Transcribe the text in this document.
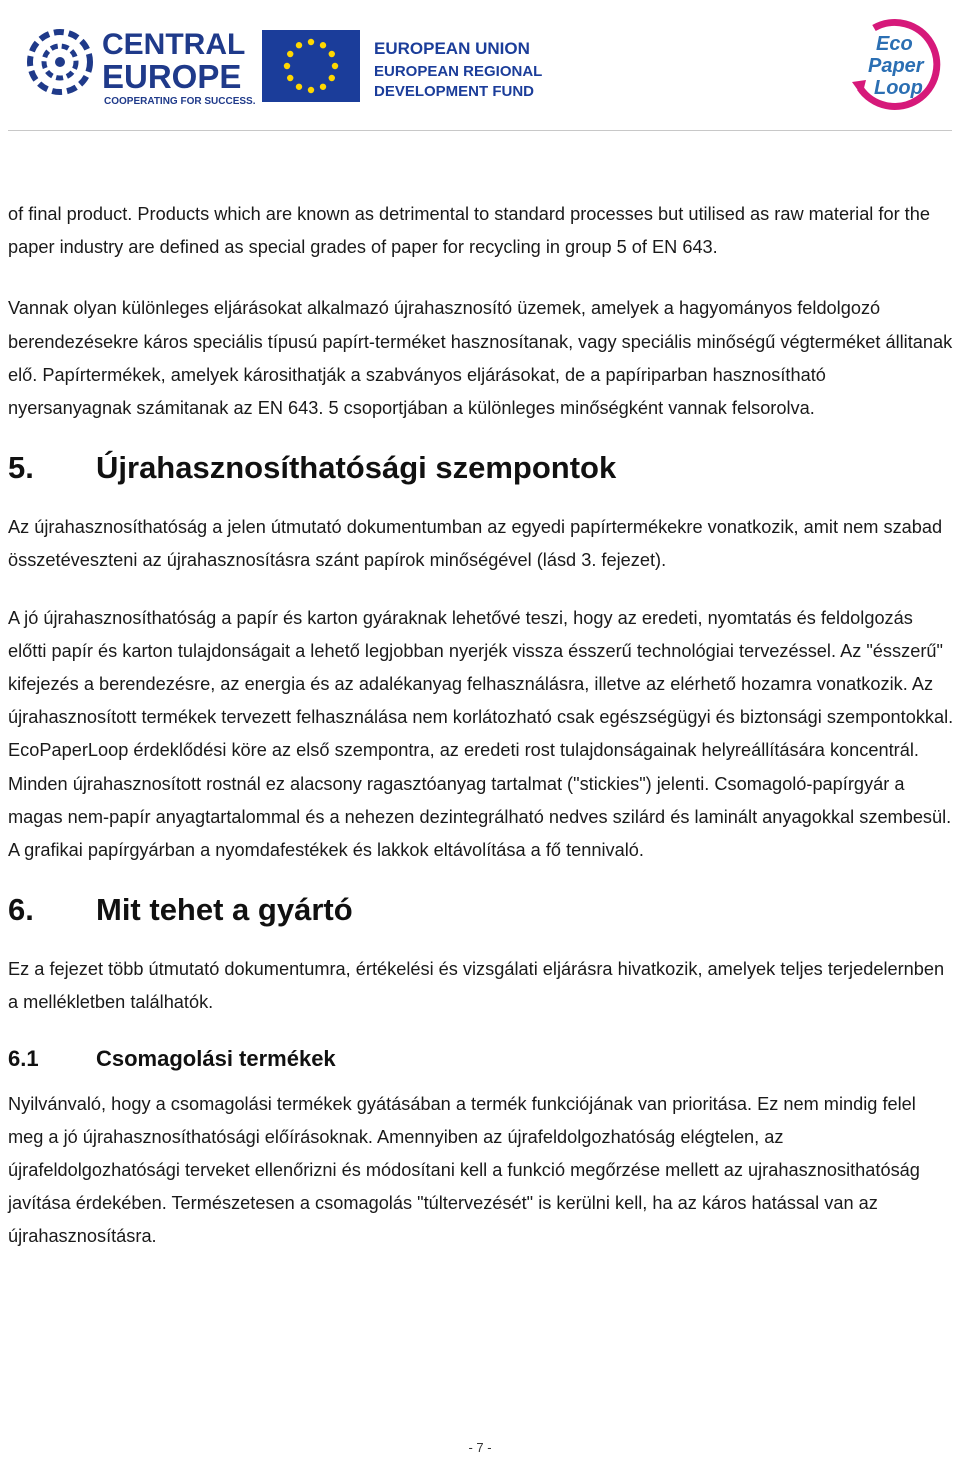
CENTRAL
EUROPE
COOPERATING FOR SUCCESS.
EUROPEAN UNION
EUROPEAN REGIONAL
DEVELOPMENT FUND
Eco
Paper
Loop

of final product. Products which are known as detrimental to standard processes but utilised as raw material for the paper industry are defined as special grades of paper for recycling in group 5 of EN 643.

Vannak olyan különleges eljárásokat alkalmazó újrahasznosító üzemek, amelyek a hagyományos feldolgozó berendezésekre káros speciális típusú papírt-terméket hasznosítanak, vagy speciális minőségű végterméket állitanak elő. Papírtermékek, amelyek károsithatják a szabványos eljárásokat, de a papíriparban hasznosítható nyersanyagnak számitanak az EN 643. 5 csoportjában a különleges minőségként vannak felsorolva.

5. Újrahasznosíthatósági szempontok

Az újrahasznosíthatóság a jelen útmutató dokumentumban az egyedi papírtermékekre vonatkozik, amit nem szabad összetéveszteni az újrahasznosításra szánt papírok minőségével (lásd 3. fejezet).

A jó újrahasznosíthatóság a papír és karton gyáraknak lehetővé teszi, hogy az eredeti, nyomtatás és feldolgozás előtti papír és karton tulajdonságait a lehető legjobban nyerjék vissza ésszerű technológiai tervezéssel. Az "ésszerű" kifejezés a berendezésre, az energia és az adalékanyag felhasználásra, illetve az elérhető hozamra vonatkozik. Az újrahasznosított termékek tervezett felhasználása nem korlátozható csak egészségügyi és biztonsági szempontokkal. EcoPaperLoop érdeklődési köre az első szempontra, az eredeti rost tulajdonságainak helyreállítására koncentrál. Minden újrahasznosított rostnál ez alacsony ragasztóanyag tartalmat ("stickies") jelenti. Csomagoló-papírgyár a magas nem-papír anyagtartalommal és a nehezen dezintegrálható nedves szilárd és laminált anyagokkal szembesül. A grafikai papírgyárban a nyomdafestékek és lakkok eltávolítása a fő tennivaló.

6. Mit tehet a gyártó

Ez a fejezet több útmutató dokumentumra, értékelési és vizsgálati eljárásra hivatkozik, amelyek teljes terjedelernben a mellékletben találhatók.

6.1	Csomagolási termékek

Nyilvánvaló, hogy a csomagolási termékek gyátásában a termék funkciójának van prioritása. Ez nem mindig felel meg a jó újrahasznosíthatósági előírásoknak. Amennyiben az újrafeldolgozhatóság elégtelen, az újrafeldolgozhatósági terveket ellenőrizni és módosítani kell a funkció megőrzése mellett az ujrahasznosithatóság javítása érdekében. Természetesen a csomagolás "túltervezését" is kerülni kell, ha az káros hatással van az újrahasznosításra.

- 7 -
